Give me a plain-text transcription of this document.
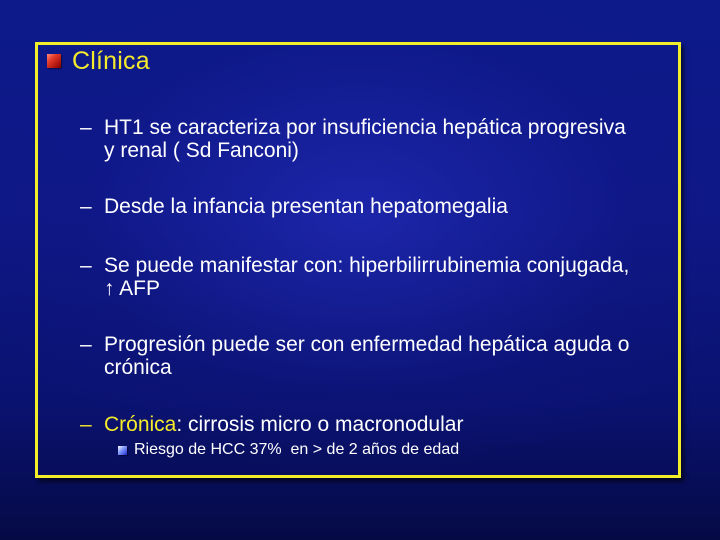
Clínica
– HT1 se caracteriza por insuficiencia hepática progresiva y renal ( Sd Fanconi)
– Desde la infancia presentan hepatomegalia
– Se puede manifestar con: hiperbilirrubinemia conjugada, ↑ AFP
– Progresión puede ser con enfermedad hepática aguda o crónica
– Crónica: cirrosis micro o macronodular
Riesgo de HCC 37%  en > de 2 años de edad
